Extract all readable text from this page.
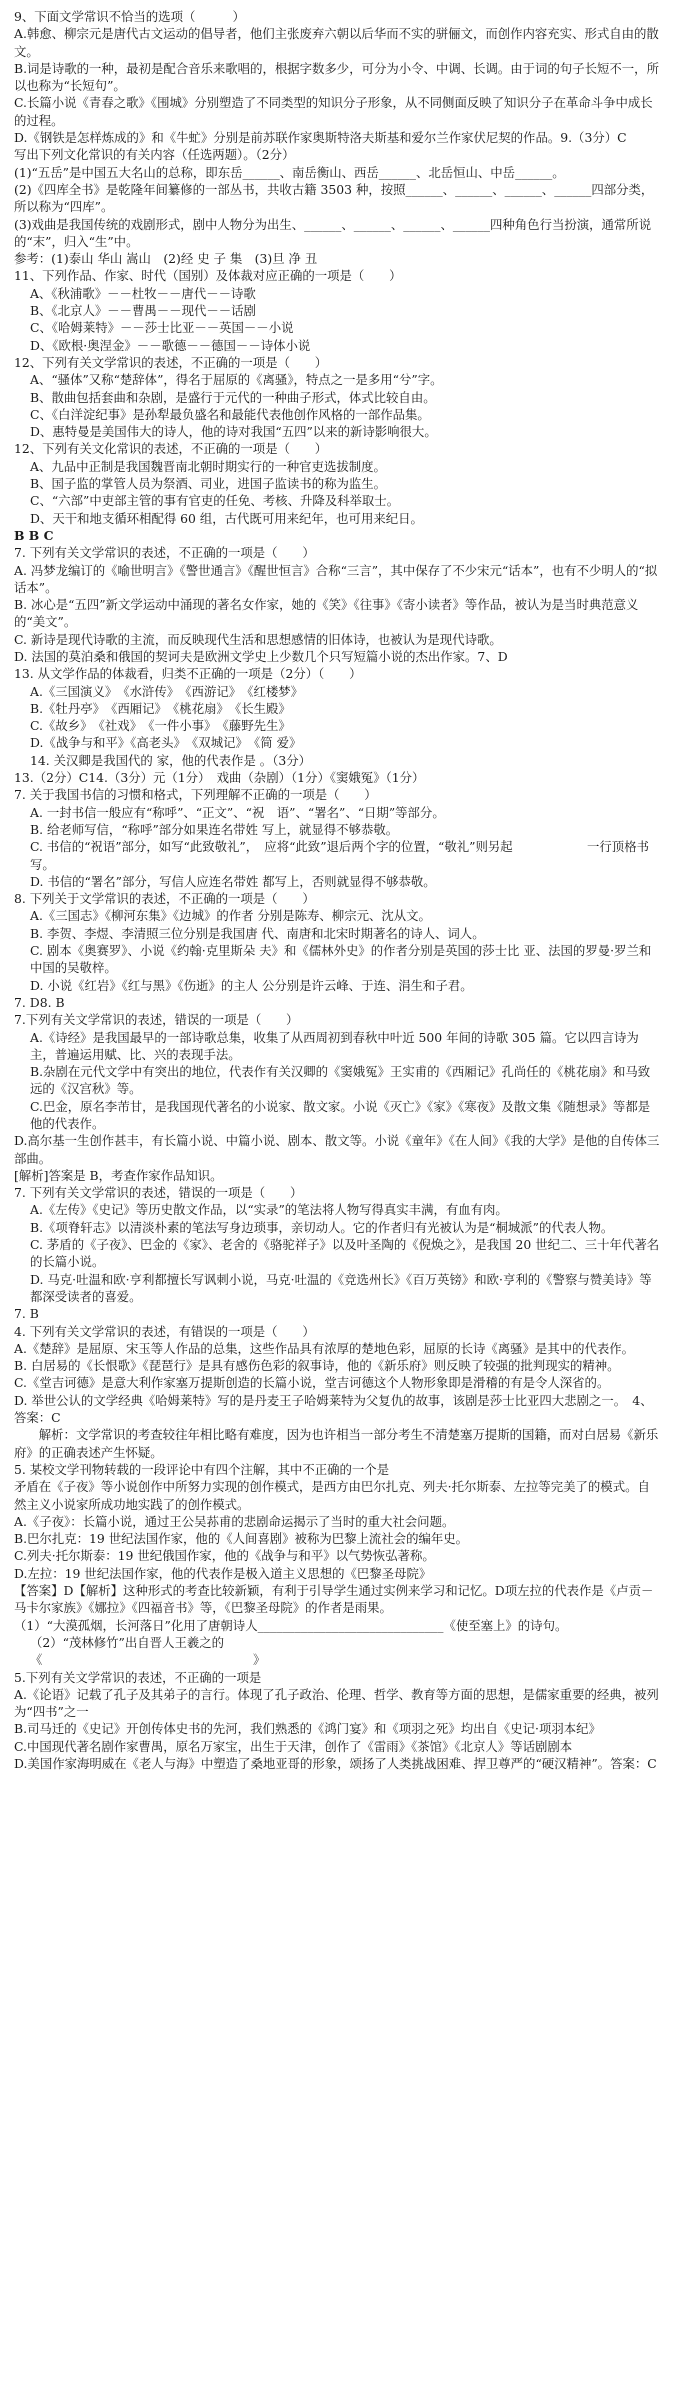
9、下面文学常识不恰当的选项（　　　）
A.韩愈、柳宗元是唐代古文运动的倡导者，他们主张废弃六朝以后华而不实的骈俪文，而创作内容充实、形式自由的散文。
B.词是诗歌的一种，最初是配合音乐来歌唱的，根据字数多少，可分为小令、中调、长调。由于词的句子长短不一，所以也称为“长短句”。
C.长篇小说《青春之歌》《围城》分别塑造了不同类型的知识分子形象，从不同侧面反映了知识分子在革命斗争中成长的过程。
D.《钢铁是怎样炼成的》和《牛虻》分别是前苏联作家奥斯特洛夫斯基和爱尔兰作家伏尼契的作品。9.（3分）C
写出下列文化常识的有关内容（任选两题）。（2分）
(1)“五岳”是中国五大名山的总称，即东岳______、南岳衡山、西岳______、北岳恒山、中岳______。
(2)《四库全书》是乾隆年间纂修的一部丛书，共收古籍 3503 种，按照______、______、______、______四部分类，所以称为“四库”。
(3)戏曲是我国传统的戏剧形式，剧中人物分为出生、______、______、______、______四种角色行当扮演，通常所说的“末”，归入“生”中。
参考：(1)泰山 华山 嵩山　(2)经 史 子 集　(3)旦 净 丑
11、下列作品、作家、时代（国别）及体裁对应正确的一项是（　　）
A、《秋浦歌》－－杜牧－－唐代－－诗歌
B、《北京人》－－曹禺－－现代－－话剧
C、《哈姆莱特》－－莎士比亚－－英国－－小说
D、《欧根·奥涅金》－－歌德－－德国－－诗体小说
12、下列有关文学常识的表述，不正确的一项是（　　）
A、“骚体”又称“楚辞体”，得名于屈原的《离骚》，特点之一是多用“兮”字。
B、散曲包括套曲和杂剧，是盛行于元代的一种曲子形式，体式比较自由。
C、《白洋淀纪事》是孙犁最负盛名和最能代表他创作风格的一部作品集。
D、惠特曼是美国伟大的诗人，他的诗对我国“五四”以来的新诗影响很大。
12、下列有关文化常识的表述，不正确的一项是（　　）
A、九品中正制是我国魏晋南北朝时期实行的一种官吏选拔制度。
B、国子监的掌管人员为祭酒、司业，进国子监读书的称为监生。
C、“六部”中吏部主管的事有官吏的任免、考核、升降及科举取士。
D、天干和地支循环相配得 60 组，古代既可用来纪年，也可用来纪日。
B B C
7. 下列有关文学常识的表述，不正确的一项是（　　）
A. 冯梦龙编订的《喻世明言》《警世通言》《醒世恒言》合称“三言”，其中保存了不少宋元“话本”，也有不少明人的“拟话本”。
B. 冰心是“五四”新文学运动中涌现的著名女作家，她的《笑》《往事》《寄小读者》等作品，被认为是当时典范意义的“美文”。
C. 新诗是现代诗歌的主流，而反映现代生活和思想感情的旧体诗，也被认为是现代诗歌。
D. 法国的莫泊桑和俄国的契诃夫是欧洲文学史上少数几个只写短篇小说的杰出作家。7、D
13. 从文学作品的体裁看，归类不正确的一项是（2分）（　　）
A.《三国演义》　《水浒传》　《西游记》　《红楼梦》
B.《牡丹亭》　《西厢记》　《桃花扇》　《长生殿》
C.《故乡》　《社戏》　《一件小事》　《藤野先生》
D.《战争与和平》《高老头》　《双城记》　《简 爱》
14. 关汉卿是我国代的 家，他的代表作是 。（3分）
13.（2分）C14.（3分）元（1分）　戏曲（杂剧）（1分）《窦娥冤》（1分）
7. 关于我国书信的习惯和格式，下列理解不正确的一项是（　　）
A. 一封书信一般应有“称呼”、“正文”、“祝　语”、“署名”、“日期”等部分。
B. 给老师写信，“称呼”部分如果连名带姓 写上，就显得不够恭敬。
C. 书信的“祝语”部分，如写“此致敬礼”，　应将“此致”退后两个字的位置，“敬礼”则另起　　　　　　一行顶格书写。
D. 书信的“署名”部分，写信人应连名带姓 都写上，否则就显得不够恭敬。
8. 下列关于文学常识的表述，不正确的一项是（　　）
A.《三国志》《柳河东集》《边城》的作者 分别是陈寿、柳宗元、沈从文。
B. 李贺、李煜、李清照三位分别是我国唐 代、南唐和北宋时期著名的诗人、词人。
C. 剧本《奥赛罗》、小说《约翰·克里斯朵 夫》和《儒林外史》的作者分别是英国的莎士比 亚、法国的罗曼·罗兰和中国的吴敬梓。
D. 小说《红岩》《红与黑》《伤逝》的主人 公分别是许云峰、于连、涓生和子君。
7. D8. B
7.下列有关文学常识的表述，错误的一项是（　　）
A.《诗经》是我国最早的一部诗歌总集，收集了从西周初到春秋中叶近 500 年间的诗歌 305 篇。它以四言诗为主，普遍运用赋、比、兴的表现手法。
B.杂剧在元代文学中有突出的地位，代表作有关汉卿的《窦娥冤》王实甫的《西厢记》孔尚任的《桃花扇》和马致远的《汉宫秋》等。
C.巴金，原名李芾甘，是我国现代著名的小说家、散文家。小说《灭亡》《家》《寒夜》及散文集《随想录》等都是他的代表作。
D.高尔基一生创作甚丰，有长篇小说、中篇小说、剧本、散文等。小说《童年》《在人间》《我的大学》是他的自传体三部曲。
[解析]答案是 B，考查作家作品知识。
7. 下列有关文学常识的表述，错误的一项是（　　）
A.《左传》《史记》等历史散文作品，以“实录”的笔法将人物写得真实丰满，有血有肉。
B.《项脊轩志》以清淡朴素的笔法写身边琐事，亲切动人。它的作者归有光被认为是“桐城派”的代表人物。
C. 茅盾的《子夜》、巴金的《家》、老舍的《骆驼祥子》以及叶圣陶的《倪焕之》，是我国 20 世纪二、三十年代著名的长篇小说。
D. 马克·吐温和欧·亨利都擅长写讽刺小说，马克·吐温的《竞选州长》《百万英镑》和欧·亨利的《警察与赞美诗》等都深受读者的喜爱。
7. B
4. 下列有关文学常识的表述，有错误的一项是（　　）
A.《楚辞》是屈原、宋玉等人作品的总集，这些作品具有浓厚的楚地色彩，屈原的长诗《离骚》是其中的代表作。
B. 白居易的《长恨歌》《琵琶行》是具有感伤色彩的叙事诗，他的《新乐府》则反映了较强的批判现实的精神。
C.《堂吉诃德》是意大利作家塞万提斯创造的长篇小说，堂吉诃德这个人物形象即是滑稽的有是令人深省的。
D. 举世公认的文学经典《哈姆莱特》写的是丹麦王子哈姆莱特为父复仇的故事，该剧是莎士比亚四大悲剧之一。　4、答案：C
　　解析：文学常识的考查较往年相比略有难度，因为也许相当一部分考生不清楚塞万提斯的国籍，而对白居易《新乐府》的正确表述产生怀疑。
5. 某校文学刊物转载的一段评论中有四个注解，其中不正确的一个是
矛盾在《子夜》等小说创作中所努力实现的创作模式，是西方由巴尔扎克、列夫·托尔斯泰、左拉等完美了的模式。自然主义小说家所成功地实践了的创作模式。
A.《子夜》：长篇小说，通过王公吴荪甫的悲剧命运揭示了当时的重大社会问题。
B.巴尔扎克：19 世纪法国作家，他的《人间喜剧》被称为巴黎上流社会的编年史。
C.列夫·托尔斯泰：19 世纪俄国作家，他的《战争与和平》以气势恢弘著称。
D.左拉：19 世纪法国作家，他的代表作是极入道主义思想的《巴黎圣母院》
【答案】D【解析】这种形式的考查比较新颖，有利于引导学生通过实例来学习和记忆。D项左拉的代表作是《卢贡－马卡尔家族》《娜拉》《四福音书》等，《巴黎圣母院》的作者是雨果。
（1）“大漠孤烟，长河落日”化用了唐朝诗人______________________________《使至塞上》的诗句。
（2）“茂林修竹”出自晋人王羲之的
《　　　　　　　　　　　　　　　　　》
5.下列有关文学常识的表述，不正确的一项是
A.《论语》记载了孔子及其弟子的言行。体现了孔子政治、伦理、哲学、教育等方面的思想，是儒家重要的经典，被列为“四书”之一
B.司马迁的《史记》开创传体史书的先河，我们熟悉的《鸿门宴》和《项羽之死》均出自《史记·项羽本纪》
C.中国现代著名剧作家曹禺，原名万家宝，出生于天津，创作了《雷雨》《茶馆》《北京人》等话剧剧本
D.美国作家海明威在《老人与海》中塑造了桑地亚哥的形象，颂扬了人类挑战困难、捍卫尊严的“硬汉精神”。答案：C
